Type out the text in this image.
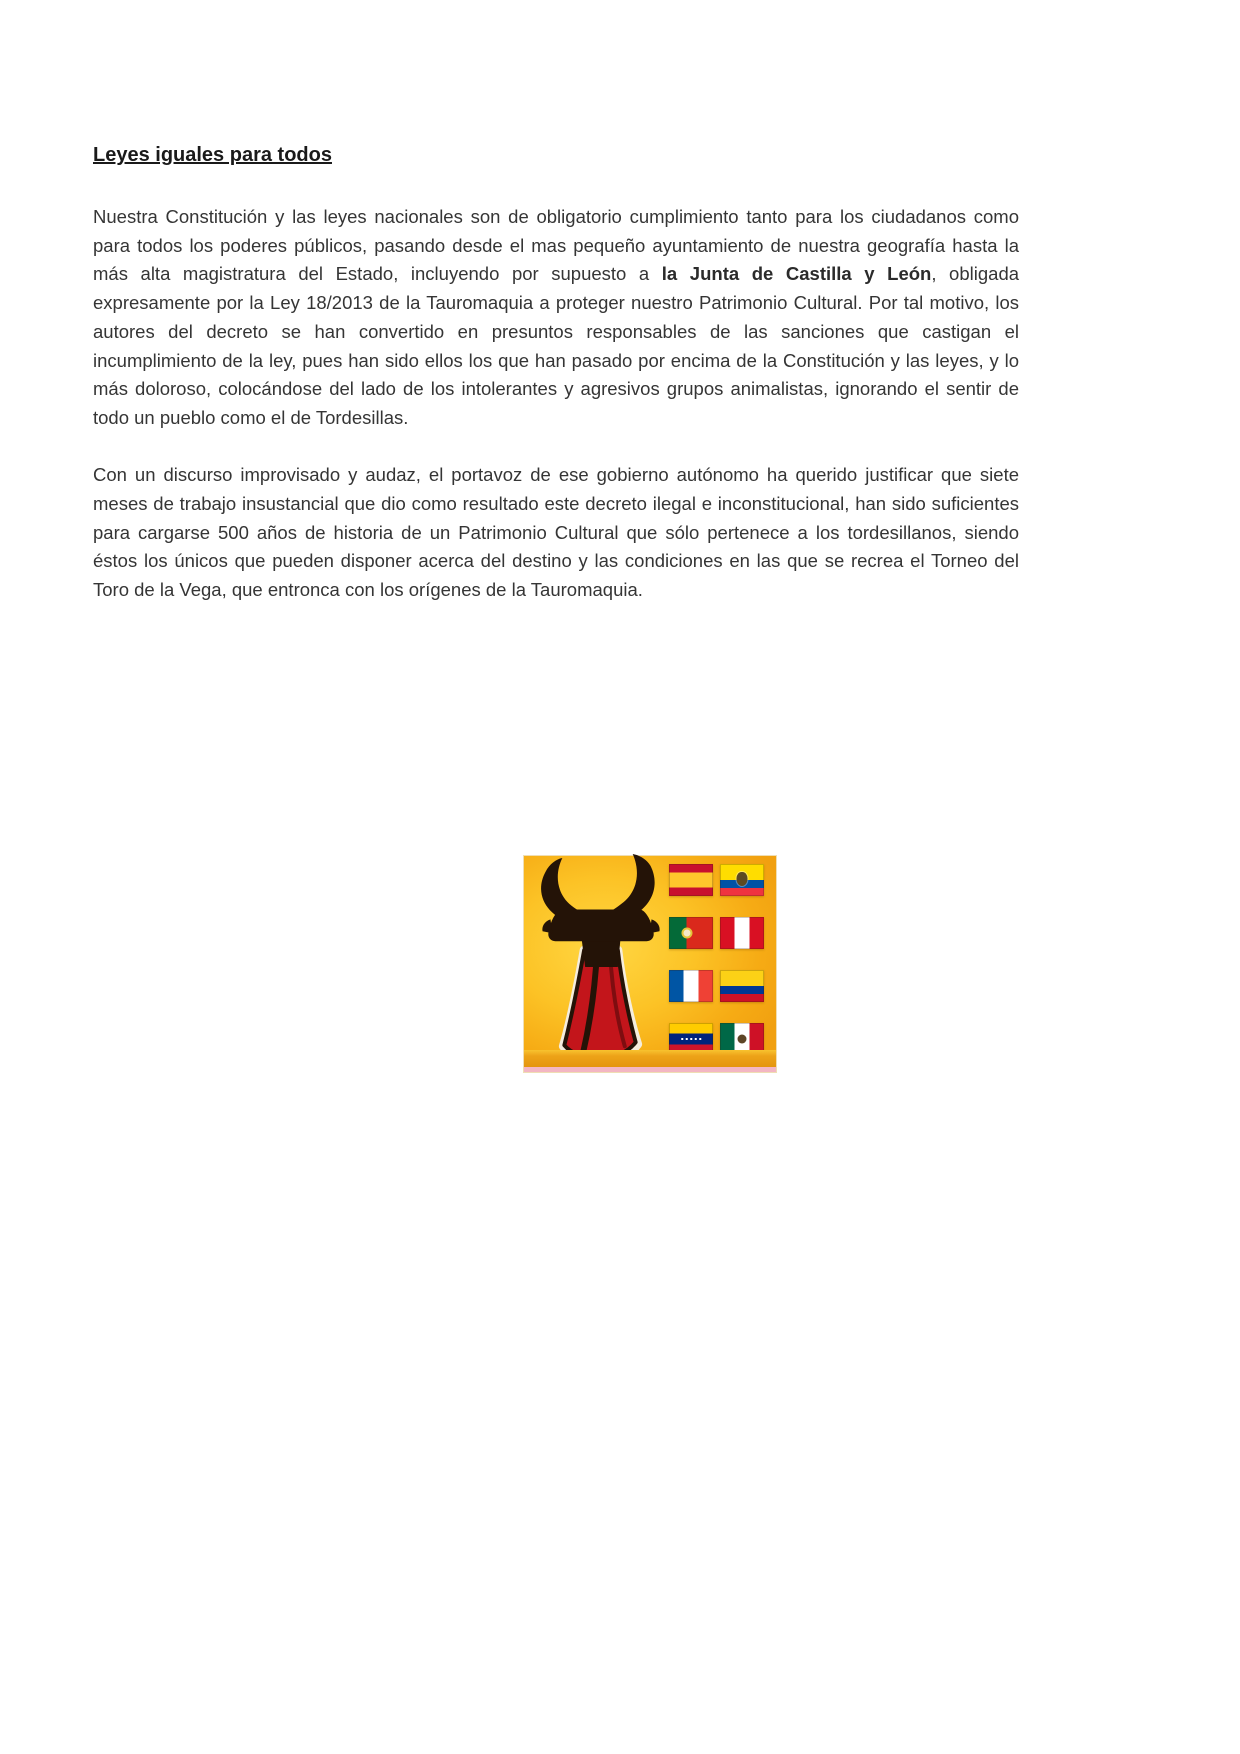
Leyes iguales para todos

Nuestra Constitución y las leyes nacionales son de obligatorio cumplimiento tanto para los ciudadanos como para todos los poderes públicos, pasando desde el mas pequeño ayuntamiento de nuestra geografía hasta la más alta magistratura del Estado, incluyendo por supuesto a la Junta de Castilla y León, obligada expresamente por la Ley 18/2013 de la Tauromaquia a proteger nuestro Patrimonio Cultural. Por tal motivo, los autores del decreto se han convertido en presuntos responsables de las sanciones que castigan el incumplimiento de la ley, pues han sido ellos los que han pasado por encima de la Constitución y las leyes, y lo más doloroso, colocándose del lado de los intolerantes y agresivos grupos animalistas, ignorando el sentir de todo un pueblo como el de Tordesillas.

Con un discurso improvisado y audaz, el portavoz de ese gobierno autónomo ha querido justificar que siete meses de trabajo insustancial que dio como resultado este decreto ilegal e inconstitucional, han sido suficientes para cargarse 500 años de historia de un Patrimonio Cultural que sólo pertenece a los tordesillanos, siendo éstos los únicos que pueden disponer acerca del destino y las condiciones en las que se recrea el Torneo del Toro de la Vega, que entronca con los orígenes de la Tauromaquia.
